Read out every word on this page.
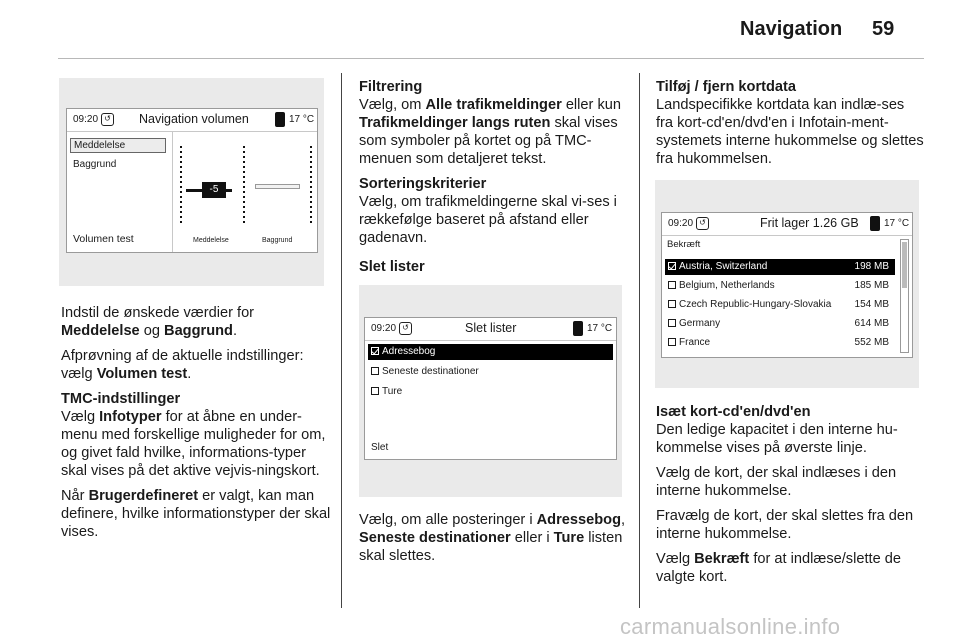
Navigation 59
09:20 ↺ Navigation volumen	17 °C
Meddelelse
Baggrund
Volumen test
-5
Meddelelse	Baggrund

Indstil de ønskede værdier for
Meddelelse og Baggrund.

Afprøvning af de aktuelle indstillinger: vælg Volumen test.

TMC-indstillinger

Vælg Infotyper for at åbne en under-menu med forskellige muligheder for om, og givet fald hvilke, informations-typer skal vises på det aktive vejvis-ningskort.

Når Brugerdefineret er valgt, kan man definere, hvilke informationstyper der skal vises.

Filtrering

Vælg, om Alle trafikmeldinger eller kun Trafikmeldinger langs ruten skal vises som symboler på kortet og på TMC-menuen som detaljeret tekst.

Sorteringskriterier

Vælg, om trafikmeldingerne skal vi-ses i rækkefølge baseret på afstand eller gadenavn.

Slet lister
09:20 ↺	Slet lister	17 °C
Adressebog
Seneste destinationer
Ture
Slet

Vælg, om alle posteringer i Adressebog, Seneste destinationer eller i Ture listen skal slettes.

Tilføj / fjern kortdata

Landspecifikke kortdata kan indlæ-ses fra kort-cd'en/dvd'en i Infotain-ment-systemets interne hukommelse og slettes fra hukommelsen.

09:20 ↺	Frit lager 1.26 GB	17 °C
Bekræft
Austria, Switzerland	198 MB
Belgium, Netherlands	185 MB
Czech Republic-Hungary-Slovakia 154 MB
Germany	614 MB
France	552 MB
Isæt kort-cd'en/dvd'en

Den ledige kapacitet i den interne hu-kommelse vises på øverste linje.

Vælg de kort, der skal indlæses i den interne hukommelse.

Fravælg de kort, der skal slettes fra den interne hukommelse.

Vælg Bekræft for at indlæse/slette de valgte kort.

carmanualsonline.info
